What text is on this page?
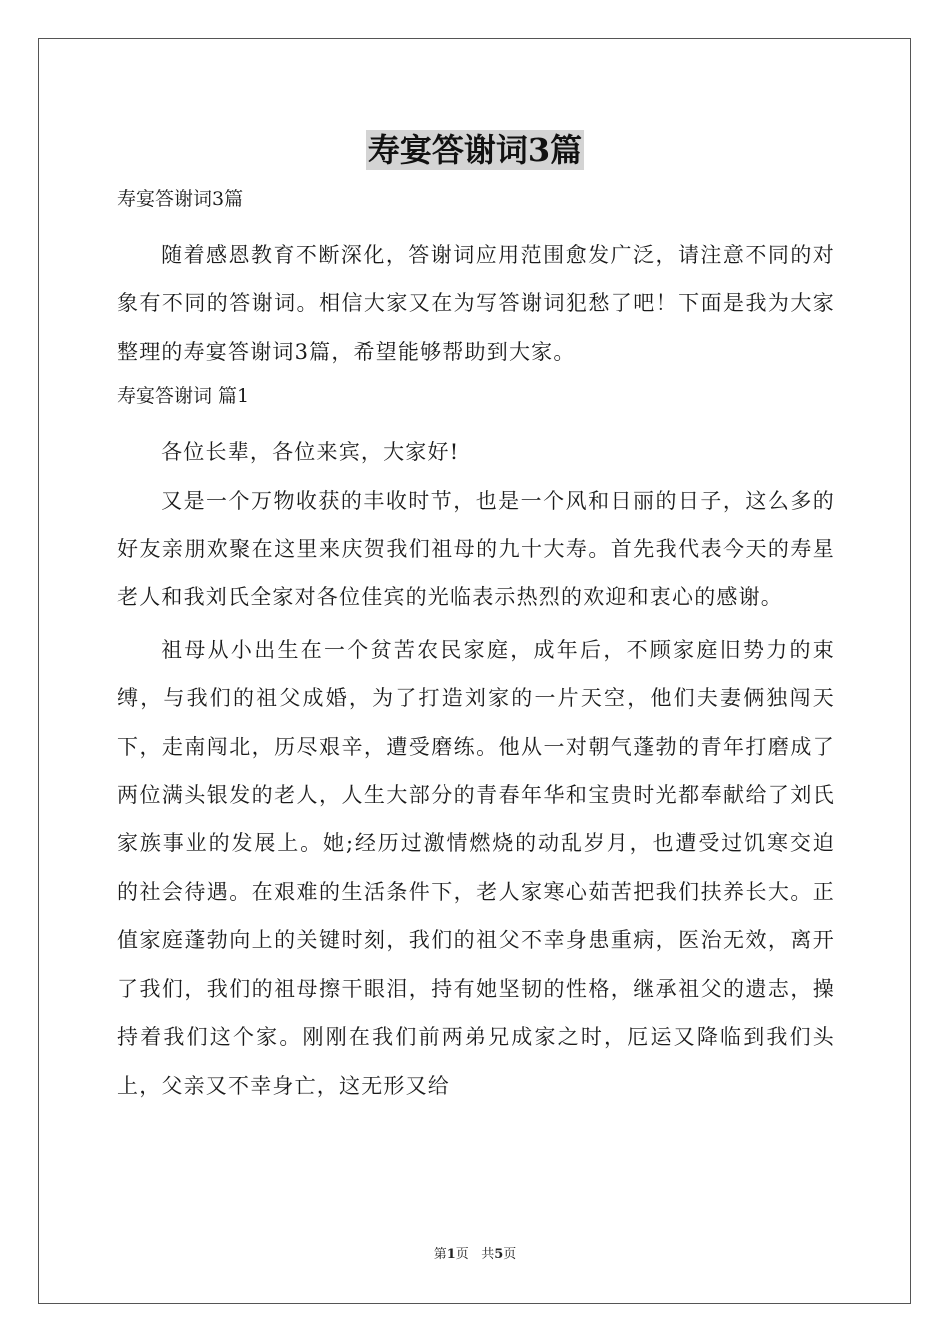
寿宴答谢词3篇

寿宴答谢词3篇

随着感恩教育不断深化，答谢词应用范围愈发广泛，请注意不同的对象有不同的答谢词。相信大家又在为写答谢词犯愁了吧！下面是我为大家整理的寿宴答谢词3篇，希望能够帮助到大家。

寿宴答谢词 篇1

各位长辈，各位来宾，大家好!

又是一个万物收获的丰收时节，也是一个风和日丽的日子，这么多的好友亲朋欢聚在这里来庆贺我们祖母的九十大寿。首先我代表今天的寿星老人和我刘氏全家对各位佳宾的光临表示热烈的欢迎和衷心的感谢。

祖母从小出生在一个贫苦农民家庭，成年后，不顾家庭旧势力的束缚，与我们的祖父成婚，为了打造刘家的一片天空，他们夫妻俩独闯天下，走南闯北，历尽艰辛，遭受磨练。他从一对朝气蓬勃的青年打磨成了两位满头银发的老人，人生大部分的青春年华和宝贵时光都奉献给了刘氏家族事业的发展上。她;经历过激情燃烧的动乱岁月，也遭受过饥寒交迫的社会待遇。在艰难的生活条件下，老人家寒心茹苦把我们扶养长大。正值家庭蓬勃向上的关键时刻，我们的祖父不幸身患重病，医治无效，离开了我们，我们的祖母擦干眼泪，持有她坚韧的性格，继承祖父的遗志，操持着我们这个家。刚刚在我们前两弟兄成家之时，厄运又降临到我们头上，父亲又不幸身亡，这无形又给

第1页 共5页
